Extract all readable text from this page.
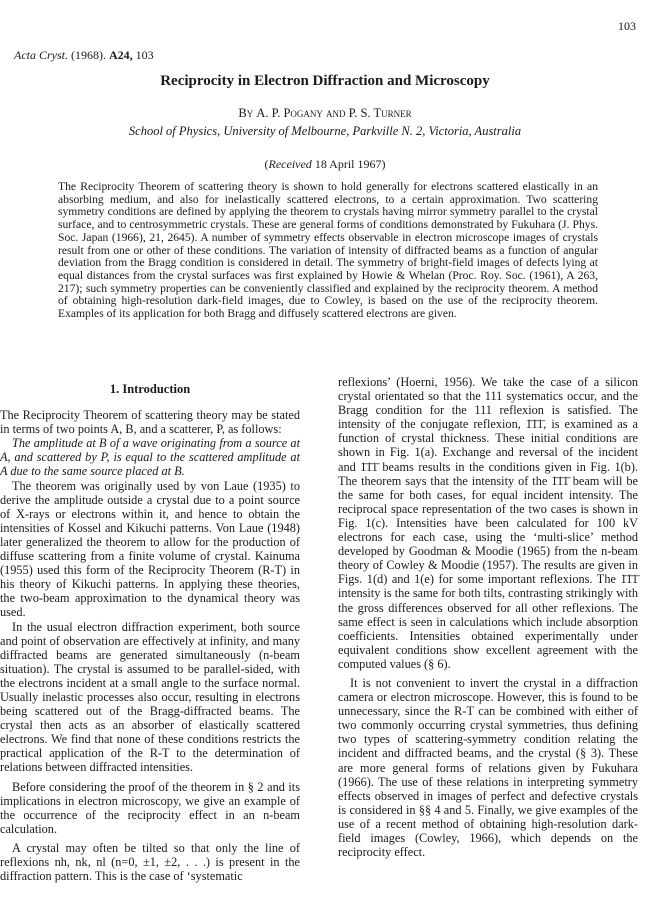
103
Acta Cryst. (1968). A24, 103
Reciprocity in Electron Diffraction and Microscopy
By A. P. Pogany and P. S. Turner
School of Physics, University of Melbourne, Parkville N. 2, Victoria, Australia
(Received 18 April 1967)
The Reciprocity Theorem of scattering theory is shown to hold generally for electrons scattered elastically in an absorbing medium, and also for inelastically scattered electrons, to a certain approximation. Two scattering symmetry conditions are defined by applying the theorem to crystals having mirror symmetry parallel to the crystal surface, and to centrosymmetric crystals. These are general forms of conditions demonstrated by Fukuhara (J. Phys. Soc. Japan (1966), 21, 2645). A number of symmetry effects observable in electron microscope images of crystals result from one or other of these conditions. The variation of intensity of diffracted beams as a function of angular deviation from the Bragg condition is considered in detail. The symmetry of bright-field images of defects lying at equal distances from the crystal surfaces was first explained by Howie & Whelan (Proc. Roy. Soc. (1961), A 263, 217); such symmetry properties can be conveniently classified and explained by the reciprocity theorem. A method of obtaining high-resolution dark-field images, due to Cowley, is based on the use of the reciprocity theorem. Examples of its application for both Bragg and diffusely scattered electrons are given.
1. Introduction

The Reciprocity Theorem of scattering theory may be stated in terms of two points A, B, and a scatterer, P, as follows:

The amplitude at B of a wave originating from a source at A, and scattered by P, is equal to the scattered amplitude at A due to the same source placed at B.

The theorem was originally used by von Laue (1935) to derive the amplitude outside a crystal due to a point source of X-rays or electrons within it, and hence to obtain the intensities of Kossel and Kikuchi patterns. Von Laue (1948) later generalized the theorem to allow for the production of diffuse scattering from a finite volume of crystal. Kainuma (1955) used this form of the Reciprocity Theorem (R-T) in his theory of Kikuchi patterns. In applying these theories, the two-beam approximation to the dynamical theory was used.

In the usual electron diffraction experiment, both source and point of observation are effectively at infinity, and many diffracted beams are generated simultaneously (n-beam situation). The crystal is assumed to be parallel-sided, with the electrons incident at a small angle to the surface normal. Usually inelastic processes also occur, resulting in electrons being scattered out of the Bragg-diffracted beams. The crystal then acts as an absorber of elastically scattered electrons. We find that none of these conditions restricts the practical application of the R-T to the determination of relations between diffracted intensities.

Before considering the proof of the theorem in § 2 and its implications in electron microscopy, we give an example of the occurrence of the reciprocity effect in an n-beam calculation.

A crystal may often be tilted so that only the line of reflexions nh, nk, nl (n=0, ±1, ±2, . . .) is present in the diffraction pattern. This is the case of ‘systematic

reflexions’ (Hoerni, 1956). We take the case of a silicon crystal orientated so that the 111 systematics occur, and the Bragg condition for the 111 reflexion is satisfied. The intensity of the conjugate reflexion, 1̄1̄1̄, is examined as a function of crystal thickness. These initial conditions are shown in Fig. 1(a). Exchange and reversal of the incident and 1̄1̄1̄ beams results in the conditions given in Fig. 1(b). The theorem says that the intensity of the 1̄1̄1̄ beam will be the same for both cases, for equal incident intensity. The reciprocal space representation of the two cases is shown in Fig. 1(c). Intensities have been calculated for 100 kV electrons for each case, using the ‘multi-slice’ method developed by Goodman & Moodie (1965) from the n-beam theory of Cowley & Moodie (1957). The results are given in Figs. 1(d) and 1(e) for some important reflexions. The 1̄1̄1̄ intensity is the same for both tilts, contrasting strikingly with the gross differences observed for all other reflexions. The same effect is seen in calculations which include absorption coefficients. Intensities obtained experimentally under equivalent conditions show excellent agreement with the computed values (§ 6).

It is not convenient to invert the crystal in a diffraction camera or electron microscope. However, this is found to be unnecessary, since the R-T can be combined with either of two commonly occurring crystal symmetries, thus defining two types of scattering-symmetry condition relating the incident and diffracted beams, and the crystal (§ 3). These are more general forms of relations given by Fukuhara (1966). The use of these relations in interpreting symmetry effects observed in images of perfect and defective crystals is considered in §§ 4 and 5. Finally, we give examples of the use of a recent method of obtaining high-resolution dark-field images (Cowley, 1966), which depends on the reciprocity effect.
